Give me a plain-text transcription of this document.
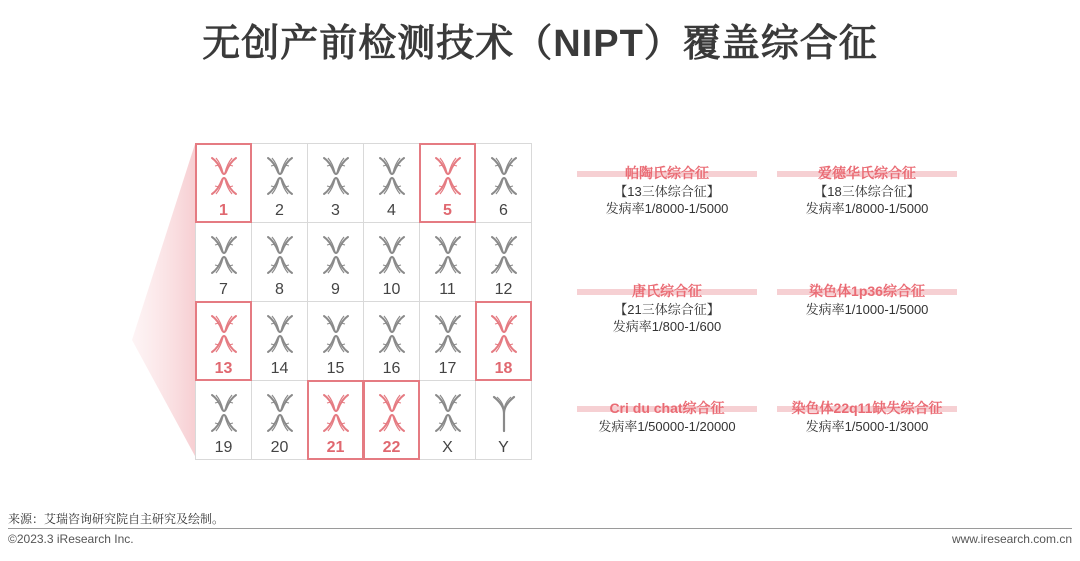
无创产前检测技术（NIPT）覆盖综合征
1	2	3	4	5	6
7	8	9	10	11	12
13	14	15	16	17	18
19	20	21	22	X	Y
帕陶氏综合征
【13三体综合征】
发病率1/8000-1/5000
爱德华氏综合征
【18三体综合征】
发病率1/8000-1/5000
唐氏综合征
【21三体综合征】
发病率1/800-1/600
染色体1p36综合征
发病率1/1000-1/5000
Cri du chat综合征
发病率1/50000-1/20000
染色体22q11缺失综合征
发病率1/5000-1/3000
来源：艾瑞咨询研究院自主研究及绘制。
©2023.3 iResearch Inc.	www.iresearch.com.cn
